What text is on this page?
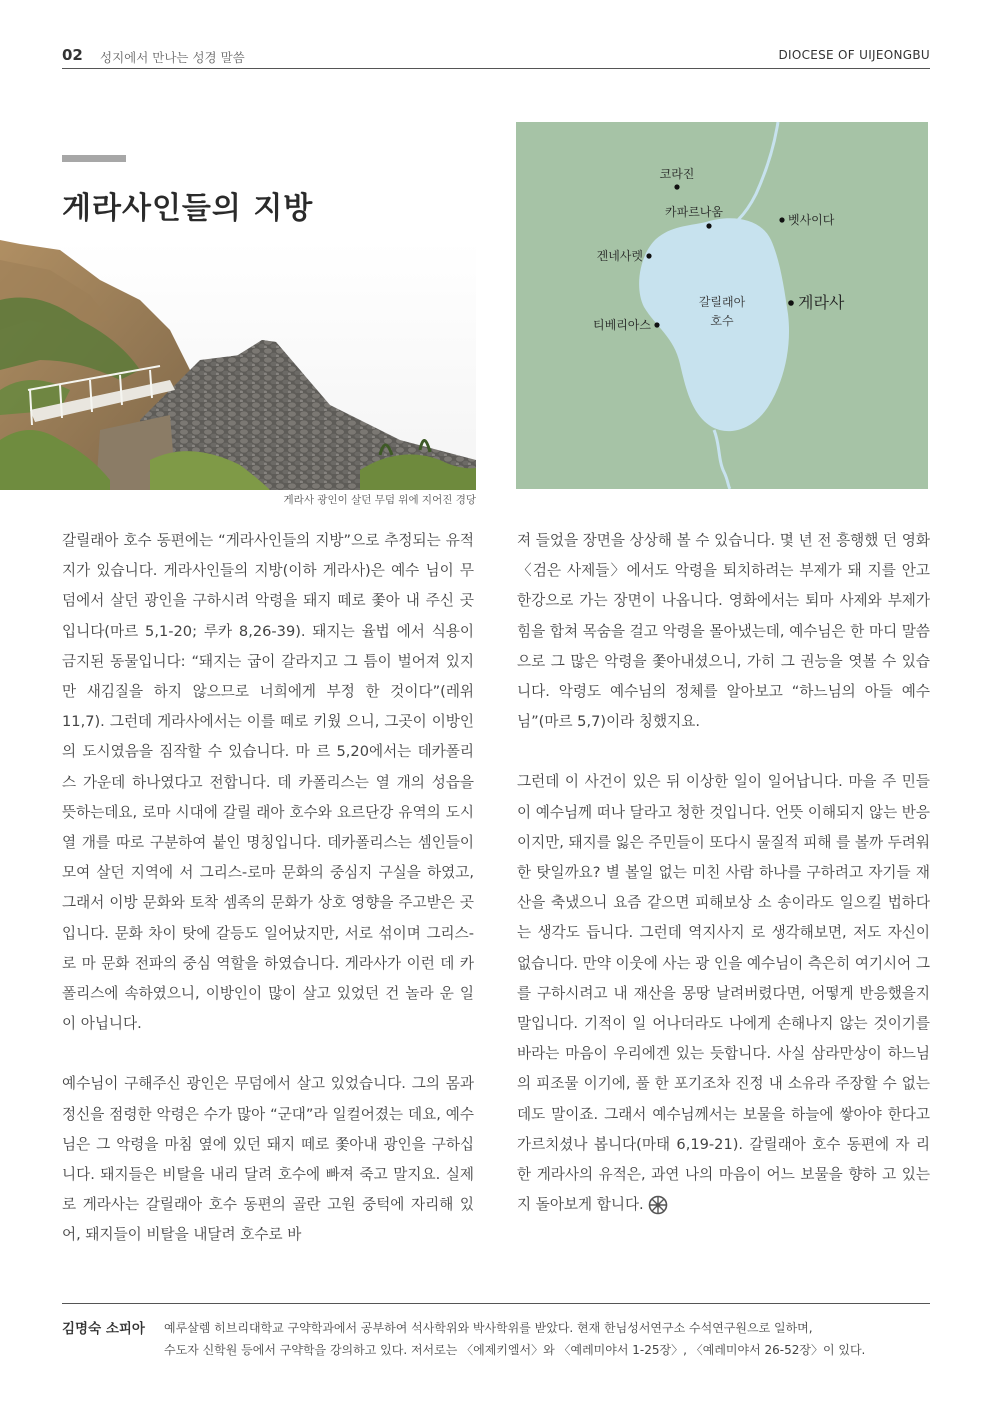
02 성지에서 만나는 성경 말씀	DIOCESE OF UIJEONGBU
게라사인들의 지방
게라사 광인이 살던 무덤 위에 지어진 경당
갈릴래아
호수
코라진
카파르나움
벳사이다
겐네사렛
티베리아스
게라사

갈릴래아 호수 동편에는 “게라사인들의 지방”으로 추정되는 유적지가 있습니다. 게라사인들의 지방(이하 게라사)은 예수 님이 무덤에서 살던 광인을 구하시려 악령을 돼지 떼로 쫓아 내 주신 곳입니다(마르 5,1-20; 루카 8,26-39). 돼지는 율법 에서 식용이 금지된 동물입니다: “돼지는 굽이 갈라지고 그 틈이 벌어져 있지만 새김질을 하지 않으므로 너희에게 부정 한 것이다”(레위 11,7). 그런데 게라사에서는 이를 떼로 키웠 으니, 그곳이 이방인의 도시였음을 짐작할 수 있습니다. 마 르 5,20에서는 데카폴리스 가운데 하나였다고 전합니다. 데 카폴리스는 열 개의 성읍을 뜻하는데요, 로마 시대에 갈릴 래아 호수와 요르단강 유역의 도시 열 개를 따로 구분하여 붙인 명칭입니다. 데카폴리스는 셈인들이 모여 살던 지역에 서 그리스-로마 문화의 중심지 구실을 하였고, 그래서 이방 문화와 토착 셈족의 문화가 상호 영향을 주고받은 곳입니다. 문화 차이 탓에 갈등도 일어났지만, 서로 섞이며 그리스-로 마 문화 전파의 중심 역할을 하였습니다. 게라사가 이런 데 카폴리스에 속하였으니, 이방인이 많이 살고 있었던 건 놀라 운 일이 아닙니다.

예수님이 구해주신 광인은 무덤에서 살고 있었습니다. 그의 몸과 정신을 점령한 악령은 수가 많아 “군대”라 일컬어졌는 데요, 예수님은 그 악령을 마침 옆에 있던 돼지 떼로 쫓아내 광인을 구하십니다. 돼지들은 비탈을 내리 달려 호수에 빠져 죽고 말지요. 실제로 게라사는 갈릴래아 호수 동편의 골란 고원 중턱에 자리해 있어, 돼지들이 비탈을 내달려 호수로 바

져 들었을 장면을 상상해 볼 수 있습니다. 몇 년 전 흥행했 던 영화 〈검은 사제들〉에서도 악령을 퇴치하려는 부제가 돼 지를 안고 한강으로 가는 장면이 나옵니다. 영화에서는 퇴마 사제와 부제가 힘을 합쳐 목숨을 걸고 악령을 몰아냈는데, 예수님은 한 마디 말씀으로 그 많은 악령을 쫓아내셨으니, 가히 그 권능을 엿볼 수 있습니다. 악령도 예수님의 정체를 알아보고 “하느님의 아들 예수님”(마르 5,7)이라 칭했지요.

그런데 이 사건이 있은 뒤 이상한 일이 일어납니다. 마을 주 민들이 예수님께 떠나 달라고 청한 것입니다. 언뜻 이해되지 않는 반응이지만, 돼지를 잃은 주민들이 또다시 물질적 피해 를 볼까 두려워한 탓일까요? 별 볼일 없는 미친 사람 하나를 구하려고 자기들 재산을 축냈으니 요즘 같으면 피해보상 소 송이라도 일으킬 법하다는 생각도 듭니다. 그런데 역지사지 로 생각해보면, 저도 자신이 없습니다. 만약 이웃에 사는 광 인을 예수님이 측은히 여기시어 그를 구하시려고 내 재산을 몽땅 날려버렸다면, 어떻게 반응했을지 말입니다. 기적이 일 어나더라도 나에게 손해나지 않는 것이기를 바라는 마음이 우리에겐 있는 듯합니다. 사실 삼라만상이 하느님의 피조물 이기에, 풀 한 포기조차 진정 내 소유라 주장할 수 없는데도 말이죠. 그래서 예수님께서는 보물을 하늘에 쌓아야 한다고 가르치셨나 봅니다(마태 6,19-21). 갈릴래아 호수 동편에 자 리한 게라사의 유적은, 과연 나의 마음이 어느 보물을 향하 고 있는지 돌아보게 합니다.

김명숙 소피아 예루살렘 히브리대학교 구약학과에서 공부하여 석사학위와 박사학위를 받았다. 현재 한님성서연구소 수석연구원으로 일하며,
수도자 신학원 등에서 구약학을 강의하고 있다. 저서로는 〈에제키엘서〉와 〈예레미야서 1-25장〉, 〈예레미야서 26-52장〉이 있다.
